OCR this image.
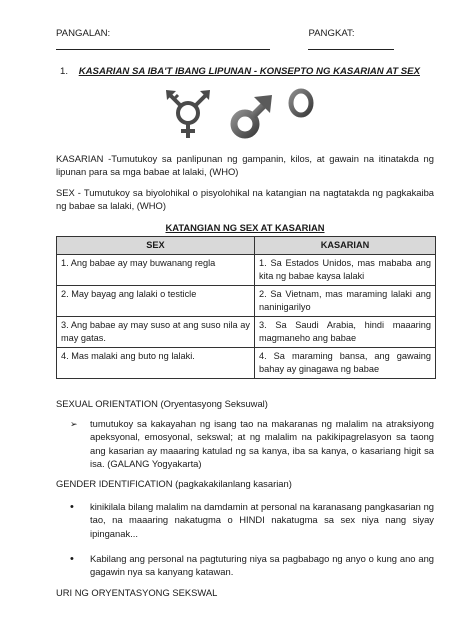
PANGALAN:	PANGKAT:
1. KASARIAN SA IBA'T IBANG LIPUNAN - KONSEPTO NG KASARIAN AT SEX
KASARIAN -Tumutukoy sa panlipunan ng gampanin, kilos, at gawain na itinatakda ng lipunan para sa mga babae at lalaki, (WHO)
SEX - Tumutukoy sa biyolohikal o pisyolohikal na katangian na nagtatakda ng pagkakaiba ng babae sa lalaki, (WHO)
KATANGIAN NG SEX AT KASARIAN
SEX	KASARIAN
1. Ang babae ay may buwanang regla	1. Sa Estados Unidos, mas mababa ang kita ng babae kaysa lalaki
2. May bayag ang lalaki o testicle	2. Sa Vietnam, mas maraming lalaki ang naninigarilyo
3. Ang babae ay may suso at ang suso nila ay may gatas.	3. Sa Saudi Arabia, hindi maaaring magmaneho ang babae
4. Mas malaki ang buto ng lalaki.	4. Sa maraming bansa, ang gawaing bahay ay ginagawa ng babae
SEXUAL ORIENTATION (Oryentasyong Seksuwal)
➢
tumutukoy sa kakayahan ng isang tao na makaranas ng malalim na atraksiyong apeksyonal, emosyonal, sekswal; at ng malalim na pakikipagrelasyon sa taong ang kasarian ay maaaring katulad ng sa kanya, iba sa kanya, o kasariang higit sa isa. (GALANG Yogyakarta)
GENDER IDENTIFICATION (pagkakakilanlang kasarian)
•
kinikilala bilang malalim na damdamin at personal na karanasang pangkasarian ng tao, na maaaring nakatugma o HINDI nakatugma sa sex niya nang siyay ipinganak...
•
Kabilang ang personal na pagtuturing niya sa pagbabago ng anyo o kung ano ang gagawin nya sa kanyang katawan.
URI NG ORYENTASYONG SEKSWAL
